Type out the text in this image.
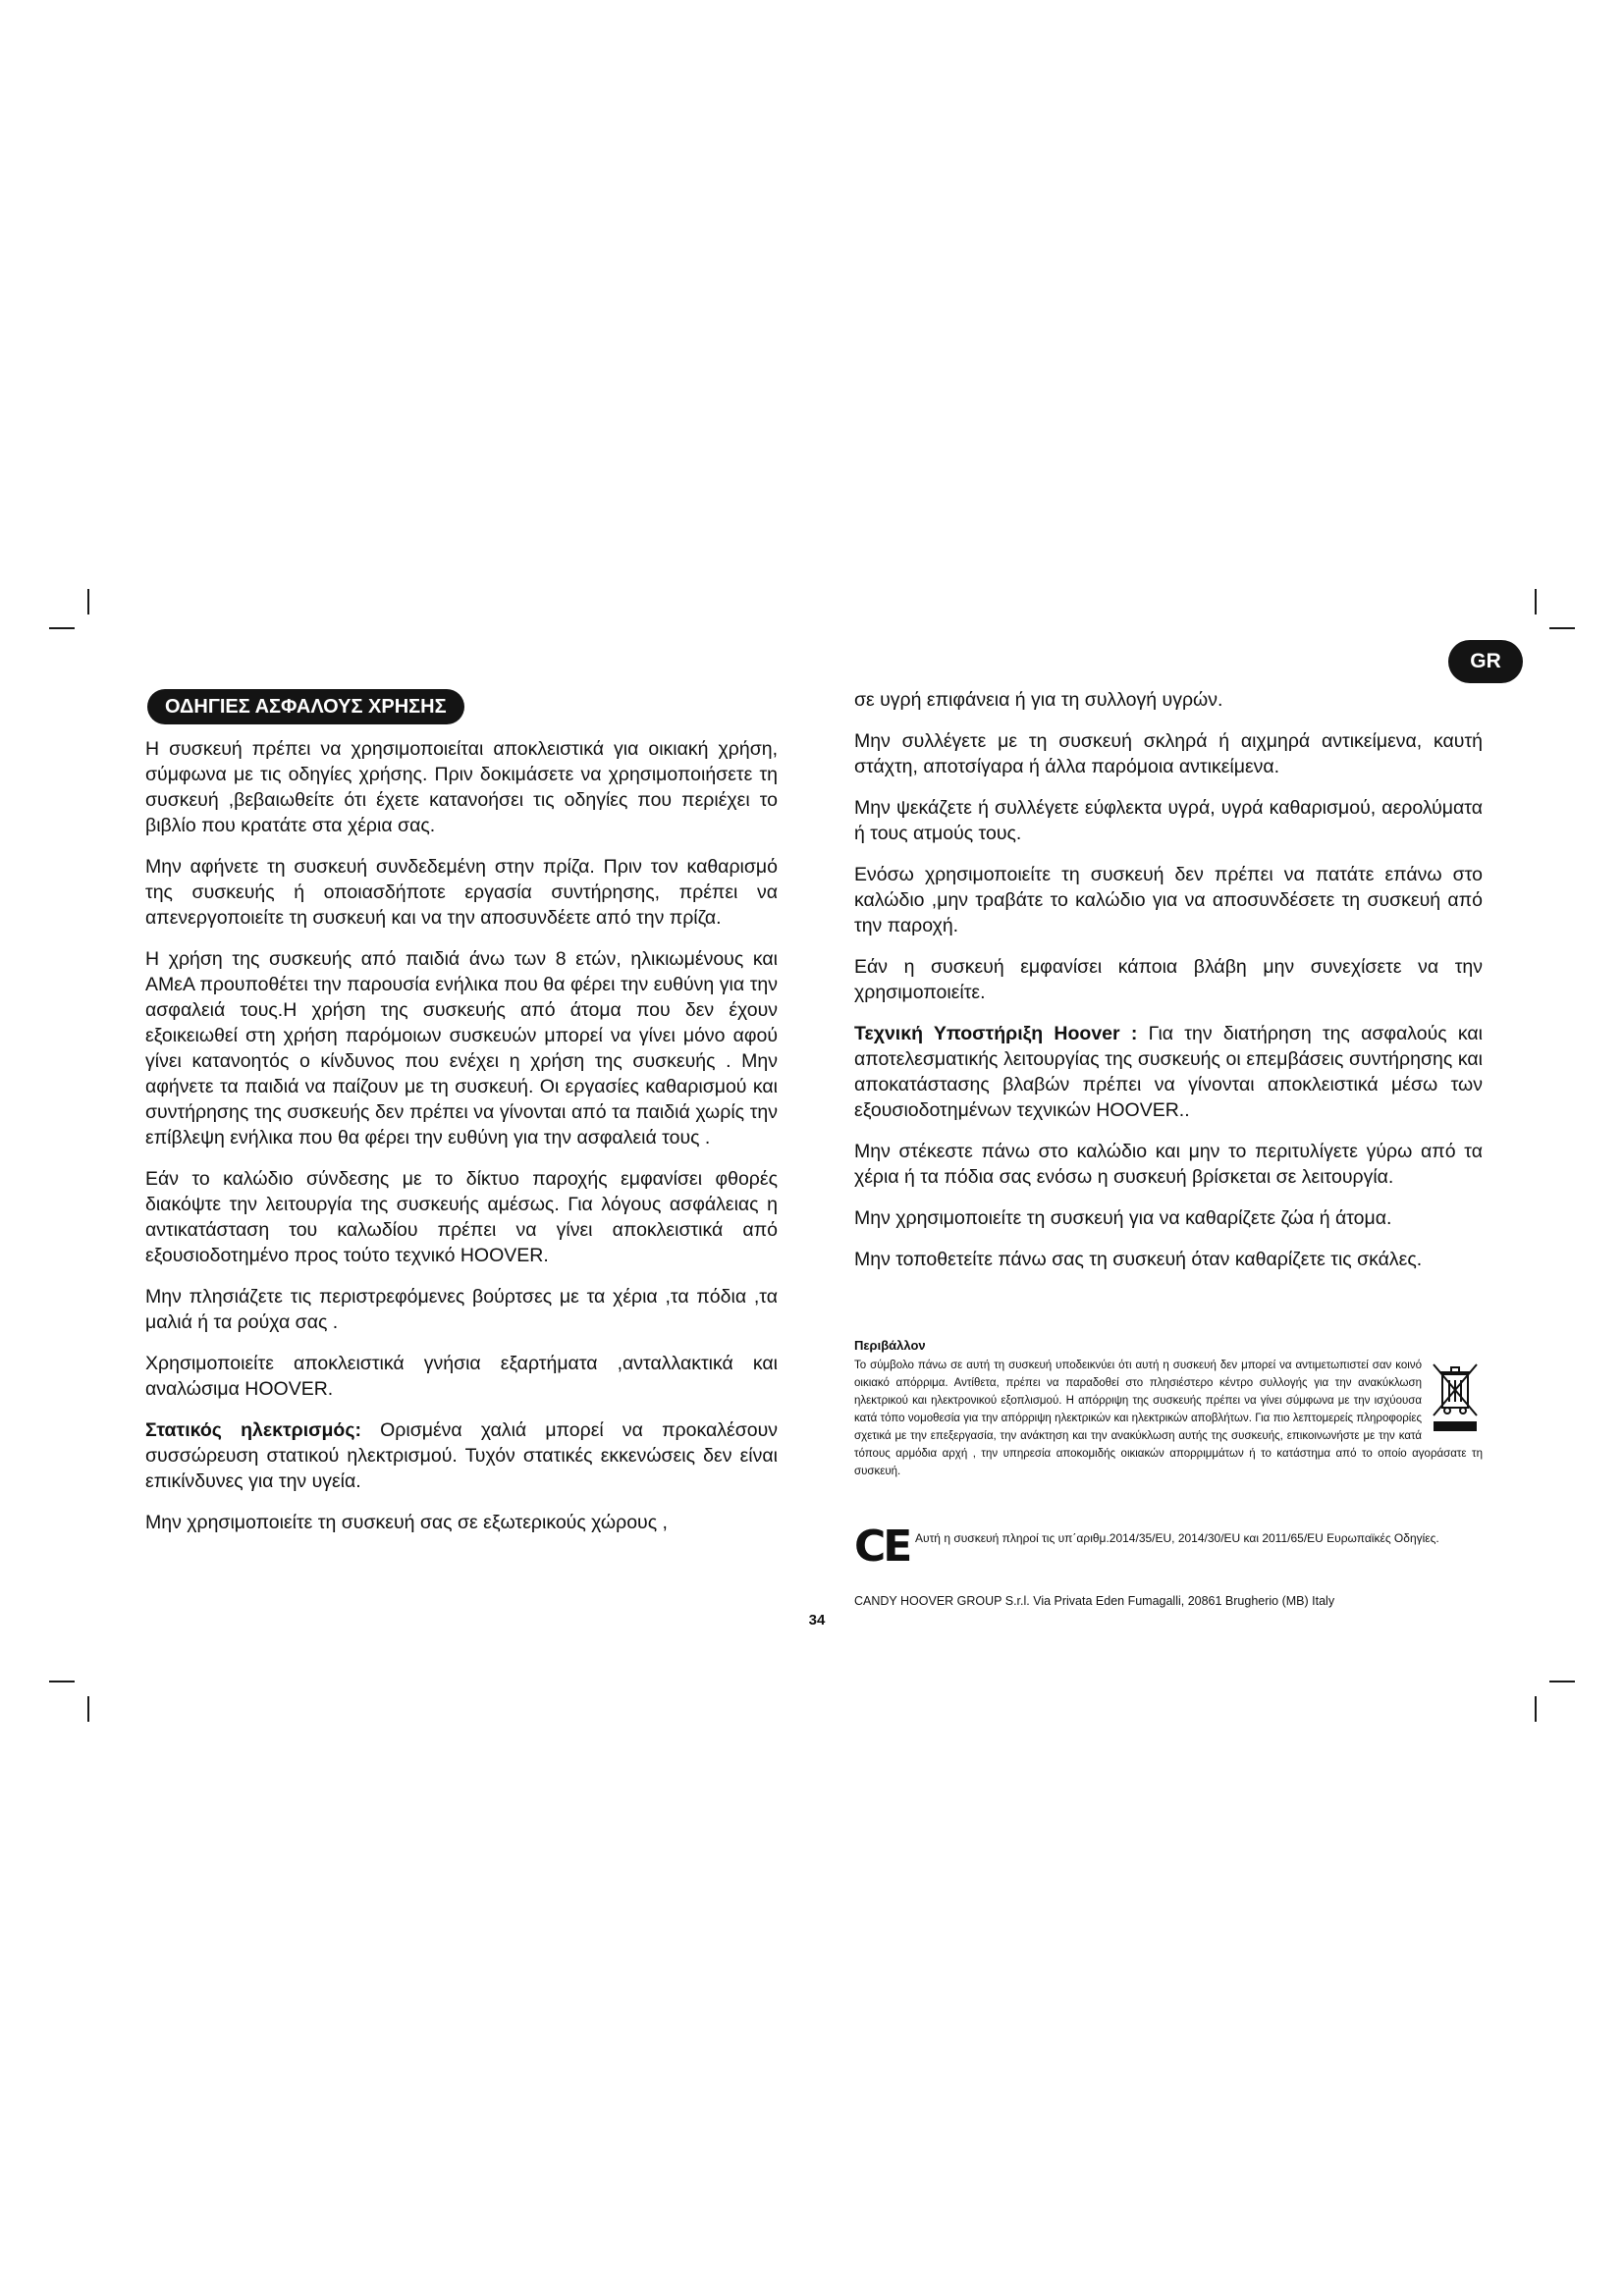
GR
ΟΔΗΓΙΕΣ ΑΣΦΑΛΟΥΣ ΧΡΗΣΗΣ

Η συσκευή πρέπει να χρησιμοποιείται αποκλειστικά για οικιακή χρήση, σύμφωνα με τις οδηγίες χρήσης. Πριν δοκιμάσετε να χρησιμοποιήσετε τη συσκευή ,βεβαιωθείτε ότι έχετε κατανοήσει τις οδηγίες που περιέχει το βιβλίο που κρατάτε στα χέρια σας.

Μην αφήνετε τη συσκευή συνδεδεμένη στην πρίζα. Πριν τον καθαρισμό της συσκευής ή οποιασδήποτε εργασία συντήρησης, πρέπει να απενεργοποιείτε τη συσκευή και να την αποσυνδέετε από την πρίζα.

Η χρήση της συσκευής από παιδιά άνω των 8 ετών, ηλικιωμένους και ΑΜεΑ προυποθέτει την παρουσία ενήλικα που θα φέρει την ευθύνη για την ασφαλειά τους.Η χρήση της συσκευής από άτομα που δεν έχουν εξοικειωθεί στη χρήση παρόμοιων συσκευών μπορεί να γίνει μόνο αφού γίνει κατανοητός ο κίνδυνος που ενέχει η χρήση της συσκευής . Μην αφήνετε τα παιδιά να παίζουν με τη συσκευή. Οι εργασίες καθαρισμού και συντήρησης της συσκευής δεν πρέπει να γίνονται από τα παιδιά χωρίς την επίβλεψη ενήλικα που θα φέρει την ευθύνη για την ασφαλειά τους .

Εάν το καλώδιο σύνδεσης με το δίκτυο παροχής εμφανίσει φθορές διακόψτε την λειτουργία της συσκευής αμέσως. Για λόγους ασφάλειας η αντικατάσταση του καλωδίου πρέπει να γίνει αποκλειστικά από εξουσιοδοτημένο προς τούτο τεχνικό HOOVER.

Μην πλησιάζετε τις περιστρεφόμενες βούρτσες με τα χέρια ,τα πόδια ,τα μαλιά ή τα ρούχα σας .

Χρησιμοποιείτε αποκλειστικά γνήσια εξαρτήματα ,ανταλλακτικά και αναλώσιμα HOOVER.

Στατικός ηλεκτρισμός: Ορισμένα χαλιά μπορεί να προκαλέσουν συσσώρευση στατικού ηλεκτρισμού. Τυχόν στατικές εκκενώσεις δεν είναι επικίνδυνες για την υγεία.

Μην χρησιμοποιείτε τη συσκευή σας σε εξωτερικούς χώρους ,

σε υγρή επιφάνεια ή για τη συλλογή υγρών.

Μην συλλέγετε με τη συσκευή σκληρά ή αιχμηρά αντικείμενα, καυτή στάχτη, αποτσίγαρα ή άλλα παρόμοια αντικείμενα.

Μην ψεκάζετε ή συλλέγετε εύφλεκτα υγρά, υγρά καθαρισμού, αερολύματα ή τους ατμούς τους.

Ενόσω χρησιμοποιείτε τη συσκευή δεν πρέπει να πατάτε επάνω στο καλώδιο ,μην τραβάτε το καλώδιο για να αποσυνδέσετε τη συσκευή από την παροχή.

Εάν η συσκευή εμφανίσει κάποια βλάβη μην συνεχίσετε να την χρησιμοποιείτε.

Τεχνική Υποστήριξη Hoover : Για την διατήρηση της ασφαλούς και αποτελεσματικής λειτουργίας της συσκευής οι επεμβάσεις συντήρησης και αποκατάστασης βλαβών πρέπει να γίνονται αποκλειστικά μέσω των εξουσιοδοτημένων τεχνικών HOOVER..

Μην στέκεστε πάνω στο καλώδιο και μην το περιτυλίγετε γύρω από τα χέρια ή τα πόδια σας ενόσω η συσκευή βρίσκεται σε λειτουργία.

Μην χρησιμοποιείτε τη συσκευή για να καθαρίζετε ζώα ή άτομα.

Μην τοποθετείτε πάνω σας τη συσκευή όταν καθαρίζετε τις σκάλες.

Περιβάλλον
Το σύμβολο πάνω σε αυτή τη συσκευή υποδεικνύει ότι αυτή η συσκευή δεν μπορεί να αντιμετωπιστεί σαν κοινό οικιακό απόρριμα. Αντίθετα, πρέπει να παραδοθεί στο πλησιέστερο κέντρο συλλογής για την ανακύκλωση ηλεκτρικού και ηλεκτρονικού εξοπλισμού. Η απόρριψη της συσκευής πρέπει να γίνει σύμφωνα με την ισχύουσα κατά τόπο νομοθεσία για την απόρριψη ηλεκτρικών και ηλεκτρικών αποβλήτων. Για πιο λεπτομερείς πληροφορίες σχετικά με την επεξεργασία, την ανάκτηση και την ανακύκλωση αυτής της συσκευής, επικοινωνήστε με την κατά τόπους αρμόδια αρχή , την υπηρεσία αποκομιδής οικιακών απορριμμάτων ή το κατάστημα από το οποίο αγοράσατε τη συσκευή.
CE Αυτή η συσκευή πληροί τις υπ΄αριθμ.2014/35/EU, 2014/30/EU και 2011/65/EU Ευρωπαϊκές Οδηγίες.
CANDY HOOVER GROUP S.r.l. Via Privata Eden Fumagalli, 20861 Brugherio (MB) Italy
34
